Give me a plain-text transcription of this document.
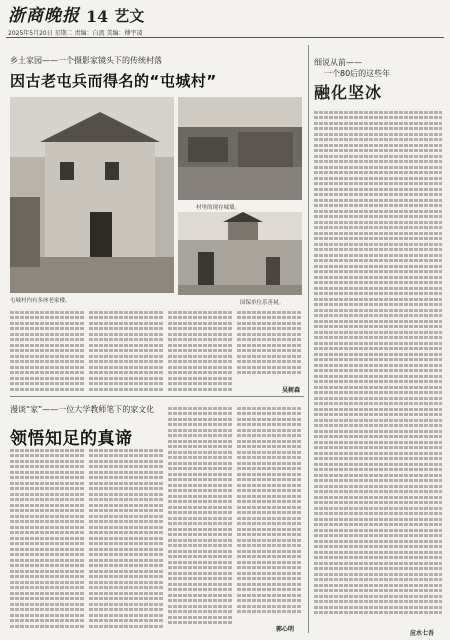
浙商晚报 14 艺文
2025年5月20日 星期二 责编：白流 美编：傅宇凌
乡土家园——一个摄影家镜头下的传统村落
因古老屯兵而得名的“屯城村”
屯城村内有多座老家楼。
村里的现存城墙。
国保单位乐善祠。
吴树森
漫谈“家”——一位大学教师笔下的家文化
领悟知足的真谛
郭心明
细说从前——
一个80后的这些年
融化坚冰
应水七吾
